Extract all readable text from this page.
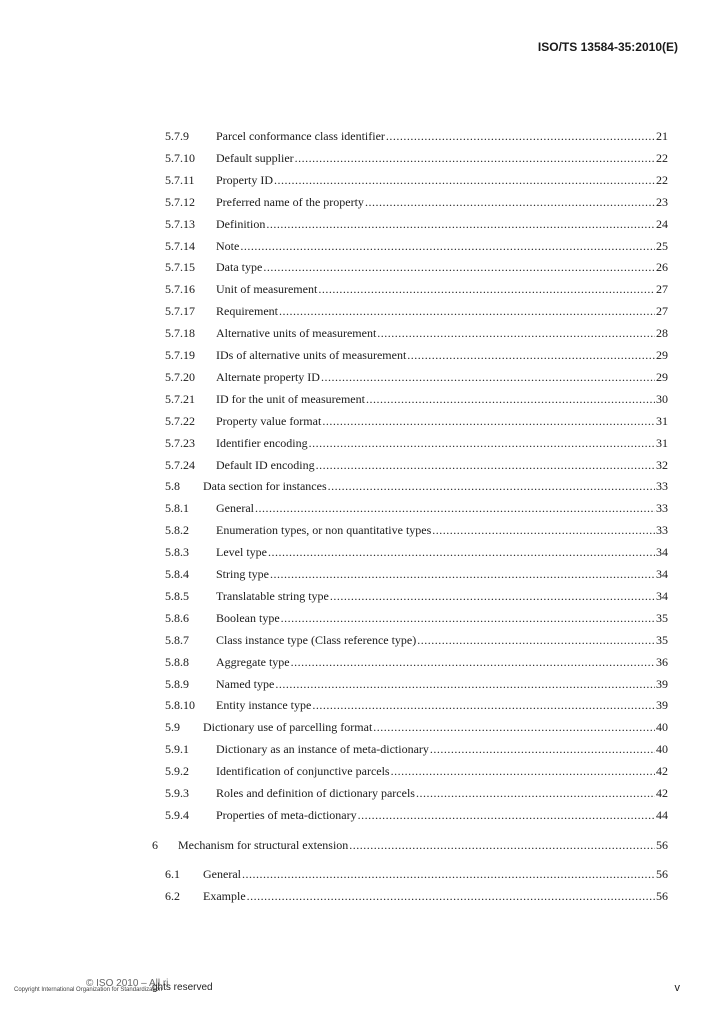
ISO/TS 13584-35:2010(E)
5.7.9 Parcel conformance class identifier .....	21
5.7.10 Default supplier .....	22
5.7.11 Property ID .....	22
5.7.12 Preferred name of the property .....	23
5.7.13 Definition .....	24
5.7.14 Note .....	25
5.7.15 Data type .....	26
5.7.16 Unit of measurement .....	27
5.7.17 Requirement .....	27
5.7.18 Alternative units of measurement .....	28
5.7.19 IDs of alternative units of measurement .....	29
5.7.20 Alternate property ID .....	29
5.7.21 ID for the unit of measurement .....	30
5.7.22 Property value format .....	31
5.7.23 Identifier encoding .....	31
5.7.24 Default ID encoding .....	32
5.8 Data section for instances .....	33
5.8.1 General .....	33
5.8.2 Enumeration types, or non quantitative types .....	33
5.8.3 Level type .....	34
5.8.4 String type .....	34
5.8.5 Translatable string type .....	34
5.8.6 Boolean type .....	35
5.8.7 Class instance type (Class reference type) .....	35
5.8.8 Aggregate type .....	36
5.8.9 Named type .....	39
5.8.10 Entity instance type .....	39
5.9 Dictionary use of parcelling format .....	40
5.9.1 Dictionary as an instance of meta-dictionary .....	40
5.9.2 Identification of conjunctive parcels .....	42
5.9.3 Roles and definition of dictionary parcels .....	42
5.9.4 Properties of meta-dictionary .....	44
6 Mechanism for structural extension .....	56
6.1 General .....	56
6.2 Example .....	56
© ISO 2010 – All ri
Copyright International Organization for Standardization
ghts reserved	v
